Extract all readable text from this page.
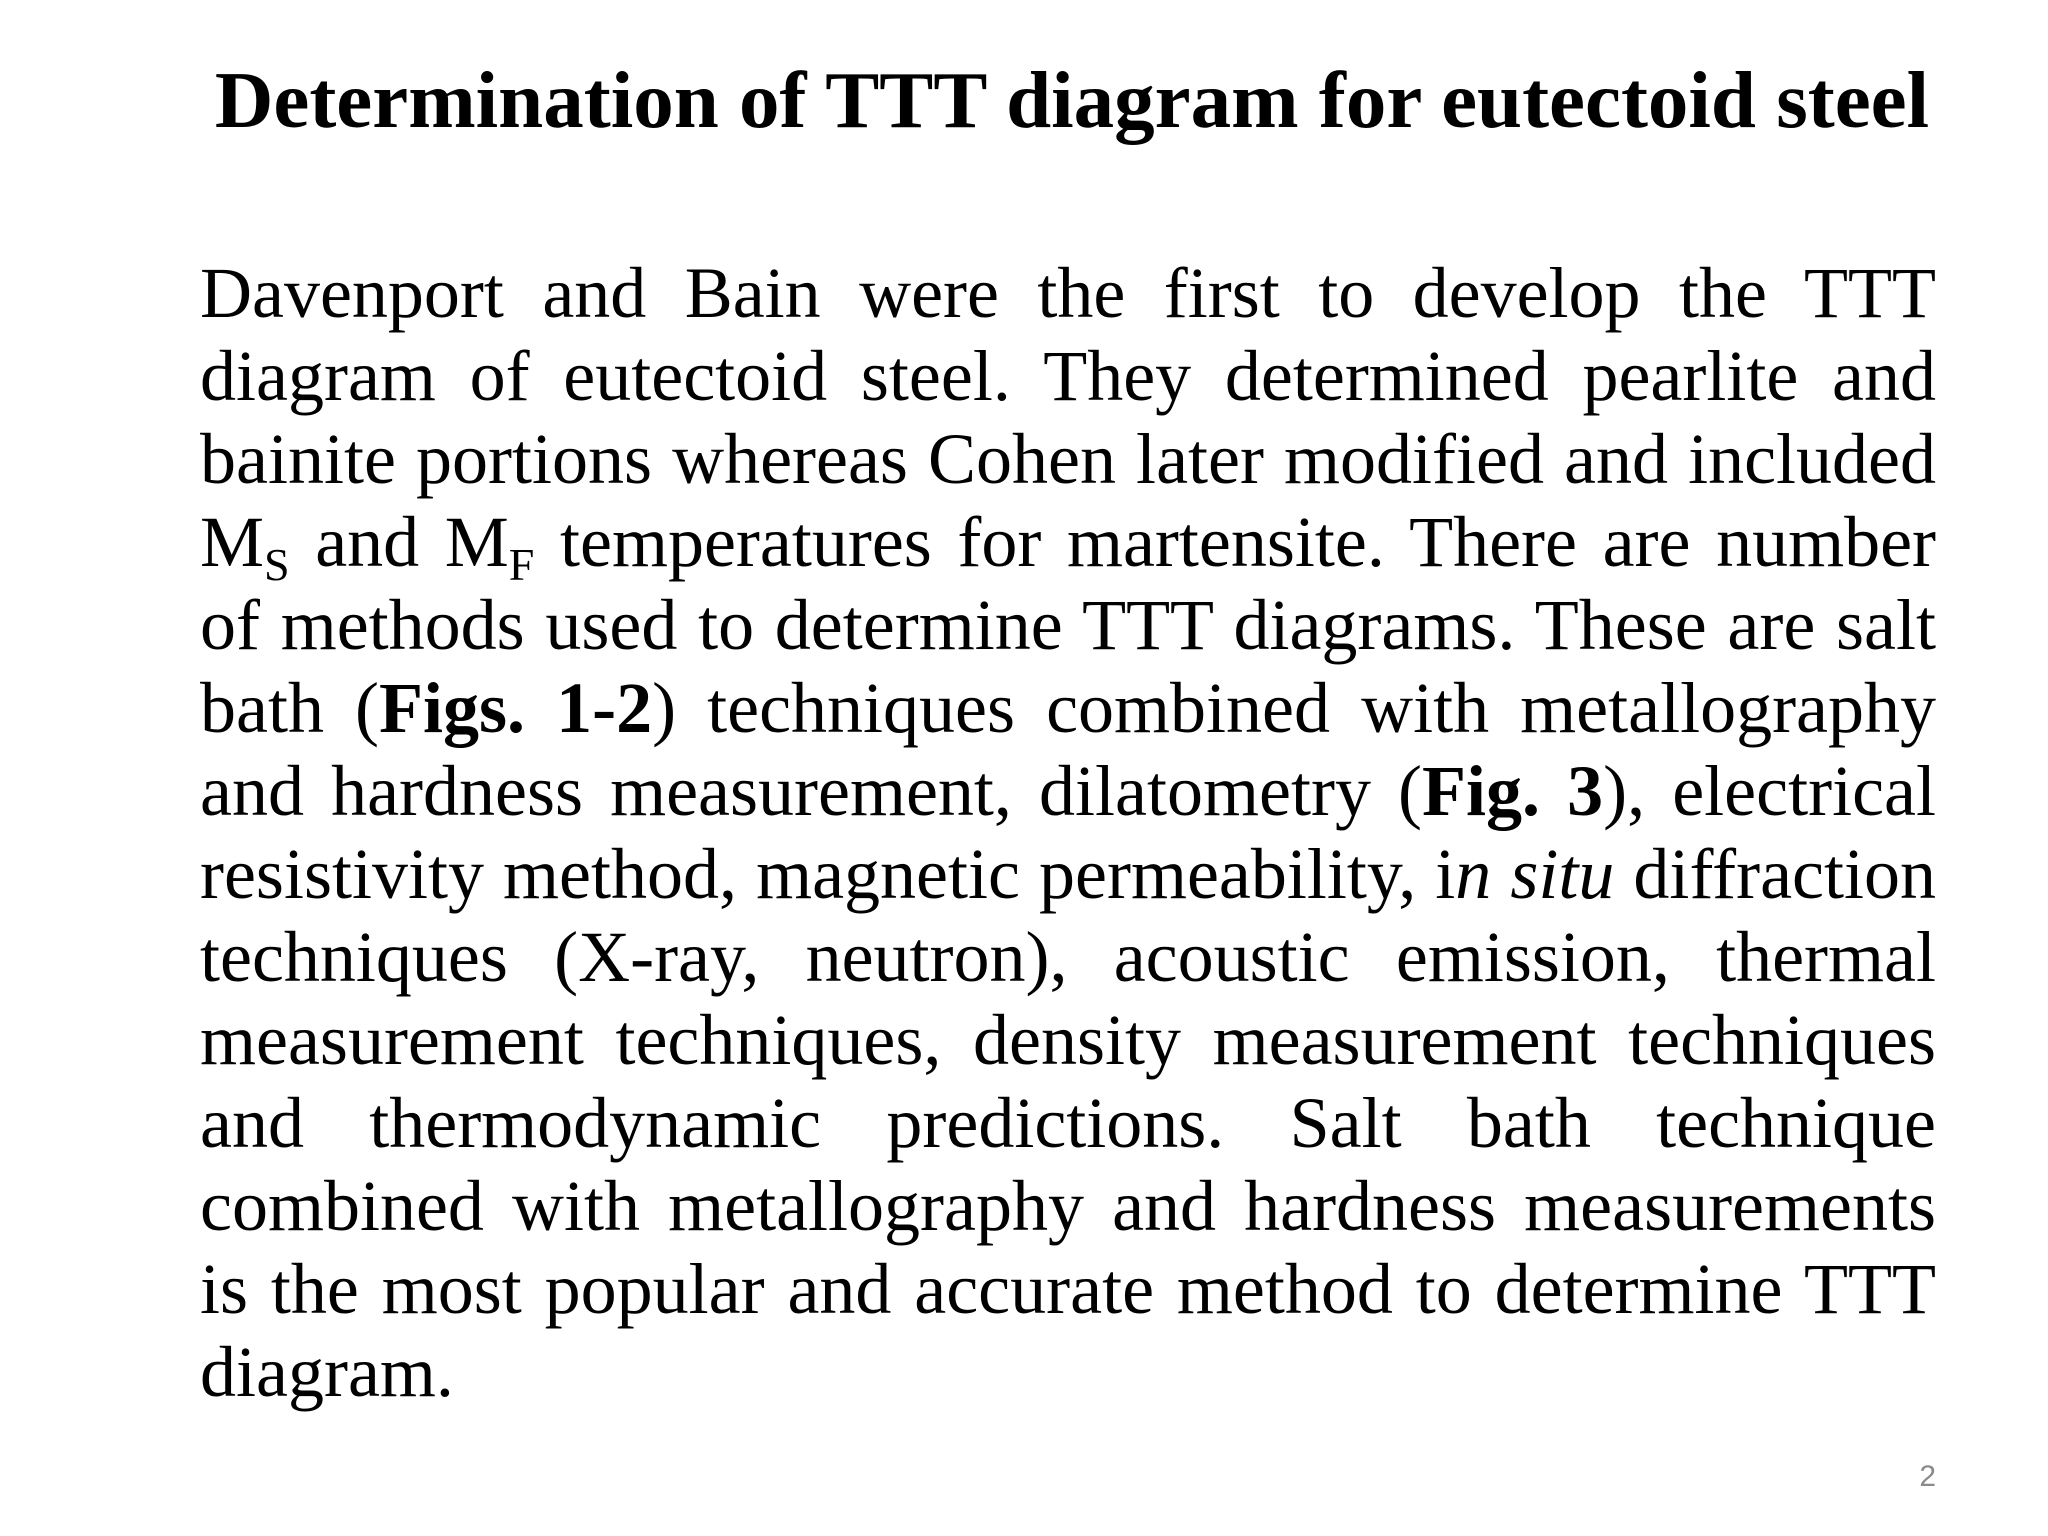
Determination of TTT diagram for eutectoid steel

Davenport and Bain were the first to develop the TTT diagram of eutectoid steel. They determined pearlite and bainite portions whereas Cohen later modified and included $M_S$ and $M_F$ temperatures for martensite. There are number of methods used to determine TTT diagrams. These are salt bath (Figs. 1-2) techniques combined with metallography and hardness measurement, dilatometry (Fig. 3), electrical resistivity method, magnetic permeability, in situ diffraction techniques (X-ray, neutron), acoustic emission, thermal measurement techniques, density measurement techniques and thermodynamic predictions. Salt bath technique combined with metallography and hardness measurements is the most popular and accurate method to determine TTT diagram.

2
